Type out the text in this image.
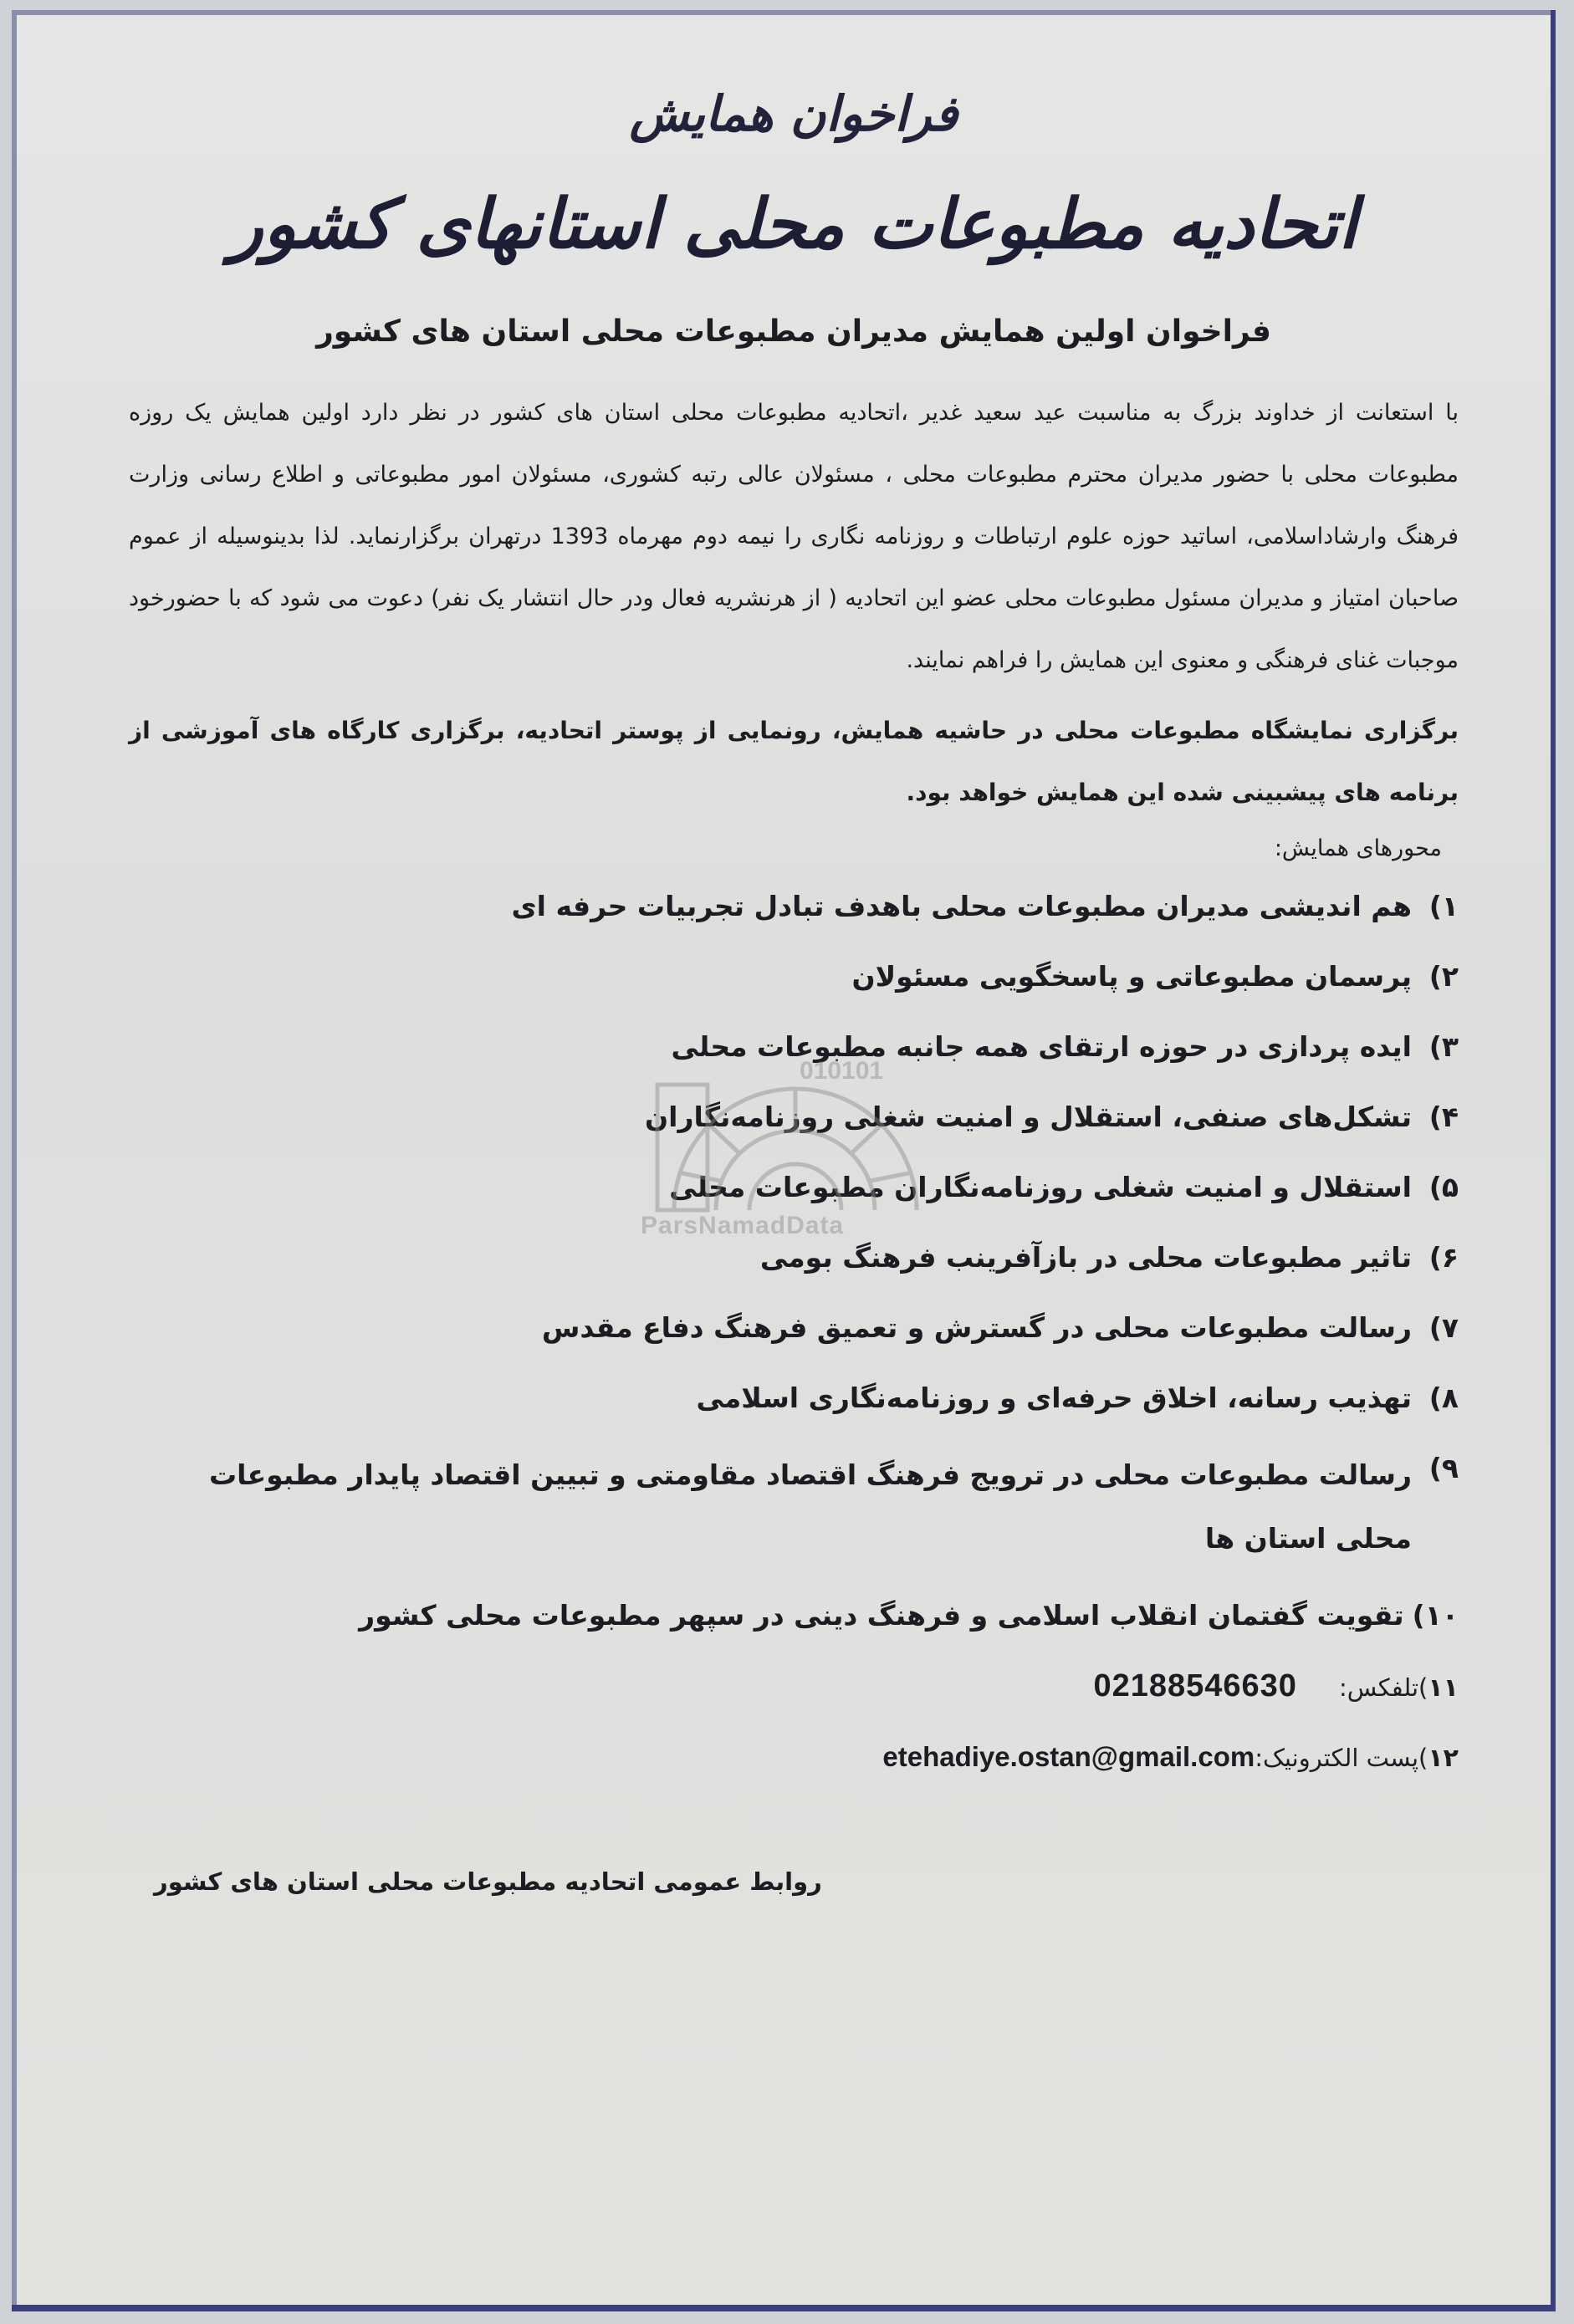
فراخوان همایش
اتحادیه مطبوعات محلی استانهای کشور
فراخوان اولین همایش مدیران مطبوعات محلی استان های کشور

با استعانت از خداوند بزرگ به مناسبت عید سعید غدیر ،اتحادیه مطبوعات محلی استان های کشور در نظر دارد اولین همایش یک روزه مطبوعات محلی با حضور مدیران محترم مطبوعات محلی ، مسئولان عالی رتبه کشوری، مسئولان امور مطبوعاتی و اطلاع رسانی وزارت فرهنگ وارشاداسلامی، اساتید حوزه علوم ارتباطات و روزنامه نگاری را نیمه دوم مهرماه 1393 درتهران برگزارنماید. لذا بدینوسیله از عموم صاحبان امتیاز و مدیران مسئول مطبوعات محلی عضو این اتحادیه ( از هرنشریه فعال ودر حال انتشار یک نفر) دعوت می شود که با حضورخود موجبات غنای فرهنگی و معنوی این همایش را فراهم نمایند.

برگزاری نمایشگاه مطبوعات محلی در حاشیه همایش، رونمایی از پوستر اتحادیه، برگزاری کارگاه های آموزشی از برنامه های پیشبینی شده این همایش خواهد بود.

محورهای همایش:
۱)
هم اندیشی مدیران مطبوعات محلی باهدف تبادل تجربیات حرفه ای
۲)
پرسمان مطبوعاتی و پاسخگویی مسئولان
۳)
ایده پردازی در حوزه ارتقای همه جانبه مطبوعات محلی
۴)
تشکل‌های صنفی، استقلال و امنیت شغلی روزنامه‌نگاران
۵)
استقلال و امنیت شغلی روزنامه‌نگاران مطبوعات محلی
۶)
تاثیر مطبوعات محلی در بازآفرینب فرهنگ بومی
۷)
رسالت مطبوعات محلی در گسترش و تعمیق فرهنگ دفاع مقدس
۸)
تهذیب رسانه، اخلاق حرفه‌ای و روزنامه‌نگاری اسلامی
۹)
رسالت مطبوعات محلی در ترویج فرهنگ اقتصاد مقاومتی و تبیین اقتصاد پایدار مطبوعات محلی استان ها
۱۰)
تقویت گفتمان انقلاب اسلامی و فرهنگ دینی در سپهر مطبوعات محلی کشور
۱۱
)تلفکس:
02188546630
۱۲
)پست الکترونیک:
etehadiye.ostan@gmail.com
روابط عمومی اتحادیه مطبوعات محلی استان های کشور
010101
ParsNamadData
